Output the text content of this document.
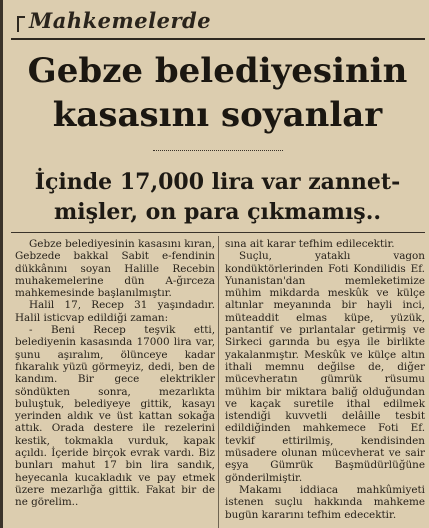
Mahkemelerde
Gebze belediyesinin
kasasını soyanlar
İçinde 17,000 lira var zannet-
mişler, on para çıkmamış..

Gebze belediyesinin kasasını kıran, Gebzede bakkal Sabit e-fendinin dükkânını soyan Halille Recebin muhakemelerine dün A-ğırceza mahkemesinde başlanılmıştır.

Halil 17, Recep 31 yaşındadır. Halil isticvap edildiği zaman:

- Beni Recep teşvik etti, belediyenin kasasında 17000 lira var, şunu aşıralım, ölünceye kadar fıkaralık yüzü görmeyiz, dedi, ben de kandım. Bir gece elektrikler söndükten sonra, mezarlıkta buluştuk, belediyeye gittik, kasayı yerinden aldık ve üst kattan sokağa attık. Orada destere ile rezelerini kestik, tokmakla vurduk, kapak açıldı. İçeride birçok evrak vardı. Biz bunları mahut 17 bin lira sandık, heyecanla kucakladık ve pay etmek üzere mezarlığa gittik. Fakat bir de ne görelim..

sına ait karar tefhim edilecektir.

Suçlu, yataklı vagon kondüktörlerinden Foti Kondilidis Ef. Yunanistan'dan memleketimize mühim mikdarda meskûk ve külçe altınlar meyanında bir hayli inci, müteaddit elmas küpe, yüzük, pantantif ve pırlantalar getirmiş ve Sirkeci garında bu eşya ile birlikte yakalanmıştır. Meskûk ve külçe altın ithali memnu değilse de, diğer mücevheratın gümrük rüsumu mühim bir miktara baliğ olduğundan ve kaçak suretile ithal edilmek istendiği kuvvetli delâille tesbit edildiğinden mahkemece Foti Ef. tevkif ettirilmiş, kendisinden müsadere olunan mücevherat ve sair eşya Gümrük Başmüdürlüğüne gönderilmiştir.

Makamı iddiaca mahkûmiyeti istenen suçlu hakkında mahkeme bugün kararını tefhim edecektir.
